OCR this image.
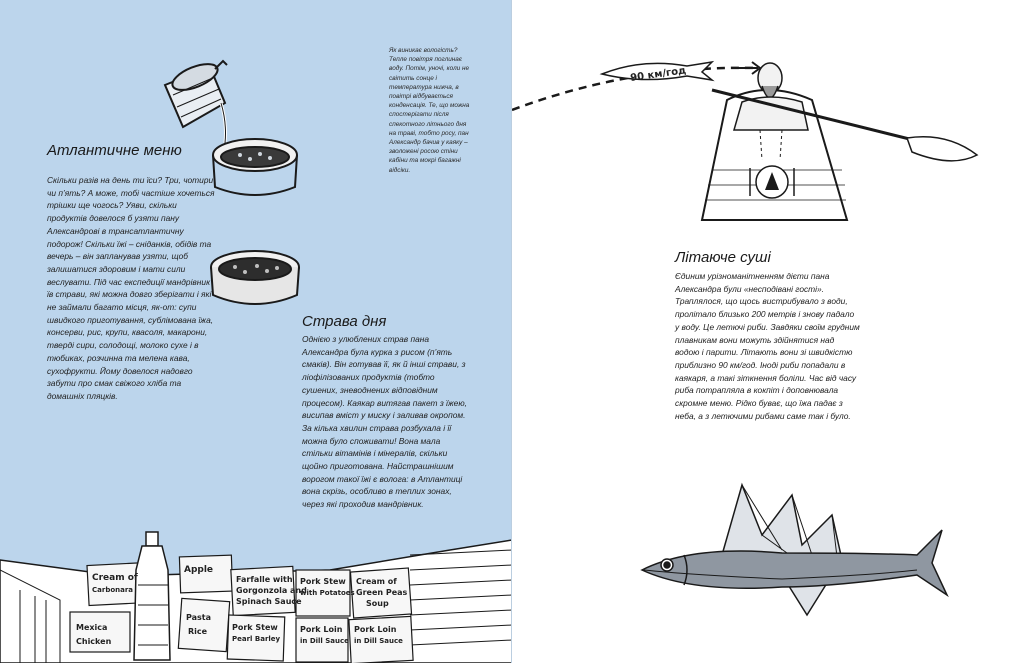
Атлантичне меню

Скільки разів на день ти їси? Три, чотири чи п’ять? А може, тобі частіше хочеться трішки ще чогось? Уяви, скільки продуктів довелося б узяти пану Александрові в трансатлантичну подорож! Скільки їжі – сніданків, обідів та вечерь – він запланував узяти, щоб залишатися здоровим і мати сили веслувати. Під час експедиції мандрівник їв страви, які можна довго зберігати і які не займали багато місця, як-от: супи швидкого приготування, сублімована їжа, консерви, рис, крупи, квасоля, макарони, тверді сири, солодощі, молоко сухе і в тюбиках, розчинна та мелена кава, сухофрукти. Йому довелося надовго забути про смак свіжого хліба та домашніх пляцків.

Як виникає вологість? Тепле повітря поглинає воду. Потім, уночі, коли не світить сонце і температура нижча, в повітрі відбувається конденсація. Те, що можна спостерігати після спекотного літнього дня на траві, тобто росу, пан Александр бачив у каяку – зволожені росою стіни кабіни та мокрі багажні відсіки.

Страва дня

Однією з улюблених страв пана Александра була курка з рисом (п’ять смаків). Він готував її, як й інші страви, з ліофілізованих продуктів (тобто сушених, зневоднених відповідним процесом). Каякар витягав пакет з їжею, висипав вміст у миску і заливав окропом. За кілька хвилин страва розбухала і її можна було споживати! Вона мала стільки вітамінів і мінералів, скільки щойно приготована. Найстрашнішим ворогом такої їжі є волога: в Атлантиці вона скрізь, особливо в теплих зонах, через які проходив мандрівник.

Cream of
Apple
Farfalle with
Gorgonzola and
Spinach Sauce
Pork Stew
with Potatoes
Cream of
Green Peas
Soup
Pork Stew
Pearl Barley
Pork Loin
in Dill Sauce
Pork Loin
in Dill Sauce
Mexica
Pasta
Rice
Chicken
Carbonara
90 км/год
Літаюче суші

Єдиним урізноманітненням дієти пана Александра були «несподівані гості». Траплялося, що щось вистрибувало з води, пролітало близько 200 метрів і знову падало у воду. Це летючі риби. Завдяки своїм грудним плавникам вони можуть здійнятися над водою і парити. Літають вони зі швидкістю приблизно 90 км/год. Іноді риби попадали в каякаря, а такі зіткнення боліли. Час від часу риба потрапляла в кокпіт і доповнювала скромне меню. Рідко буває, що їжа падає з неба, а з летючими рибами саме так і було.
